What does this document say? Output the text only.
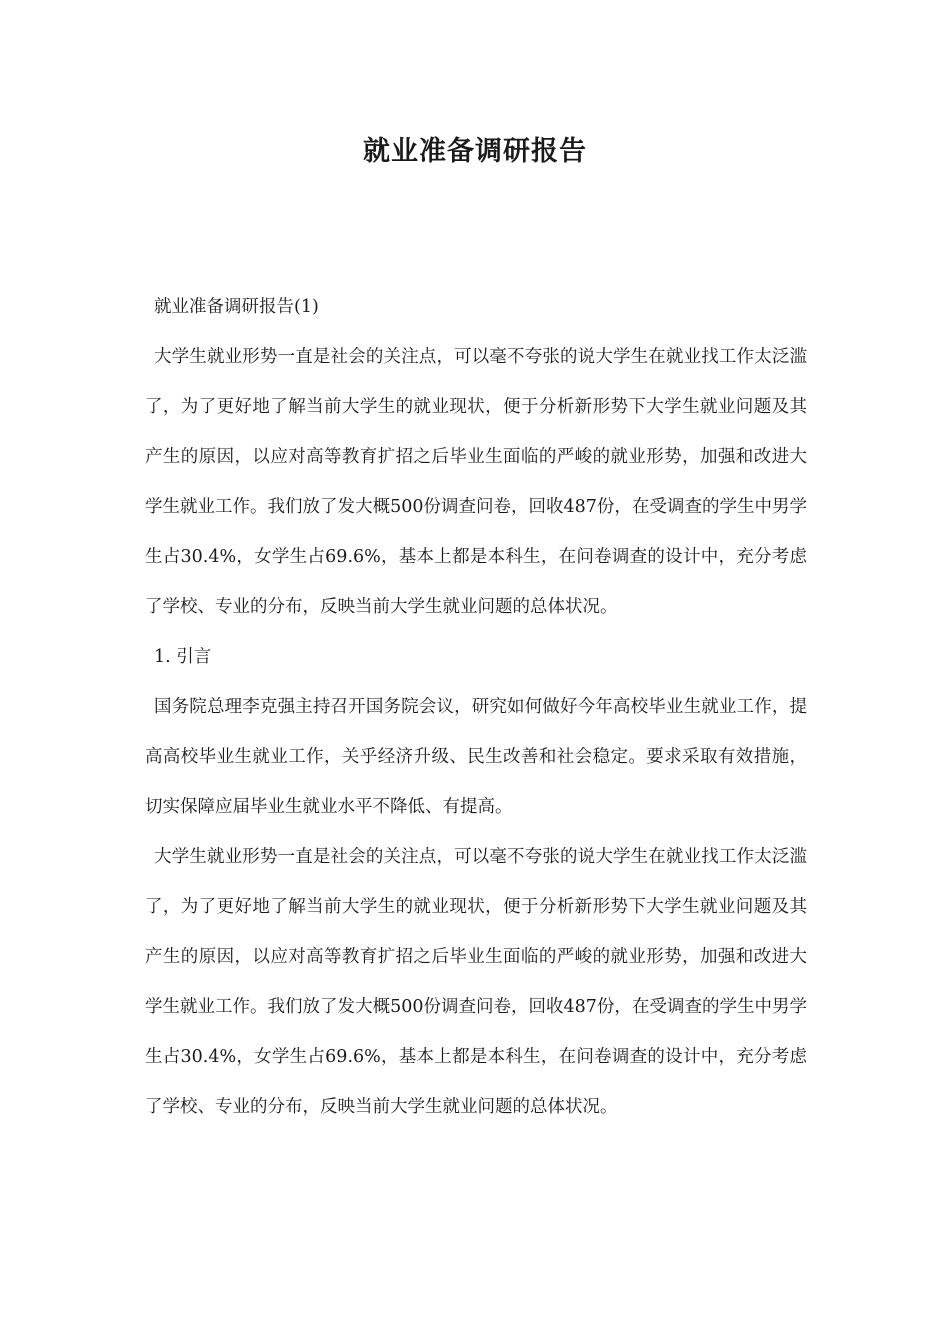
就业准备调研报告

就业准备调研报告(1)

大学生就业形势一直是社会的关注点，可以毫不夸张的说大学生在就业找工作太泛滥了，为了更好地了解当前大学生的就业现状，便于分析新形势下大学生就业问题及其产生的原因，以应对高等教育扩招之后毕业生面临的严峻的就业形势，加强和改进大学生就业工作。我们放了发大概500份调查问卷，回收487份，在受调查的学生中男学生占30.4%，女学生占69.6%，基本上都是本科生，在问卷调查的设计中，充分考虑了学校、专业的分布，反映当前大学生就业问题的总体状况。

1. 引言

国务院总理李克强主持召开国务院会议，研究如何做好今年高校毕业生就业工作，提高高校毕业生就业工作，关乎经济升级、民生改善和社会稳定。要求采取有效措施，切实保障应届毕业生就业水平不降低、有提高。

大学生就业形势一直是社会的关注点，可以毫不夸张的说大学生在就业找工作太泛滥了，为了更好地了解当前大学生的就业现状，便于分析新形势下大学生就业问题及其产生的原因，以应对高等教育扩招之后毕业生面临的严峻的就业形势，加强和改进大学生就业工作。我们放了发大概500份调查问卷，回收487份，在受调查的学生中男学生占30.4%，女学生占69.6%，基本上都是本科生，在问卷调查的设计中，充分考虑了学校、专业的分布，反映当前大学生就业问题的总体状况。
